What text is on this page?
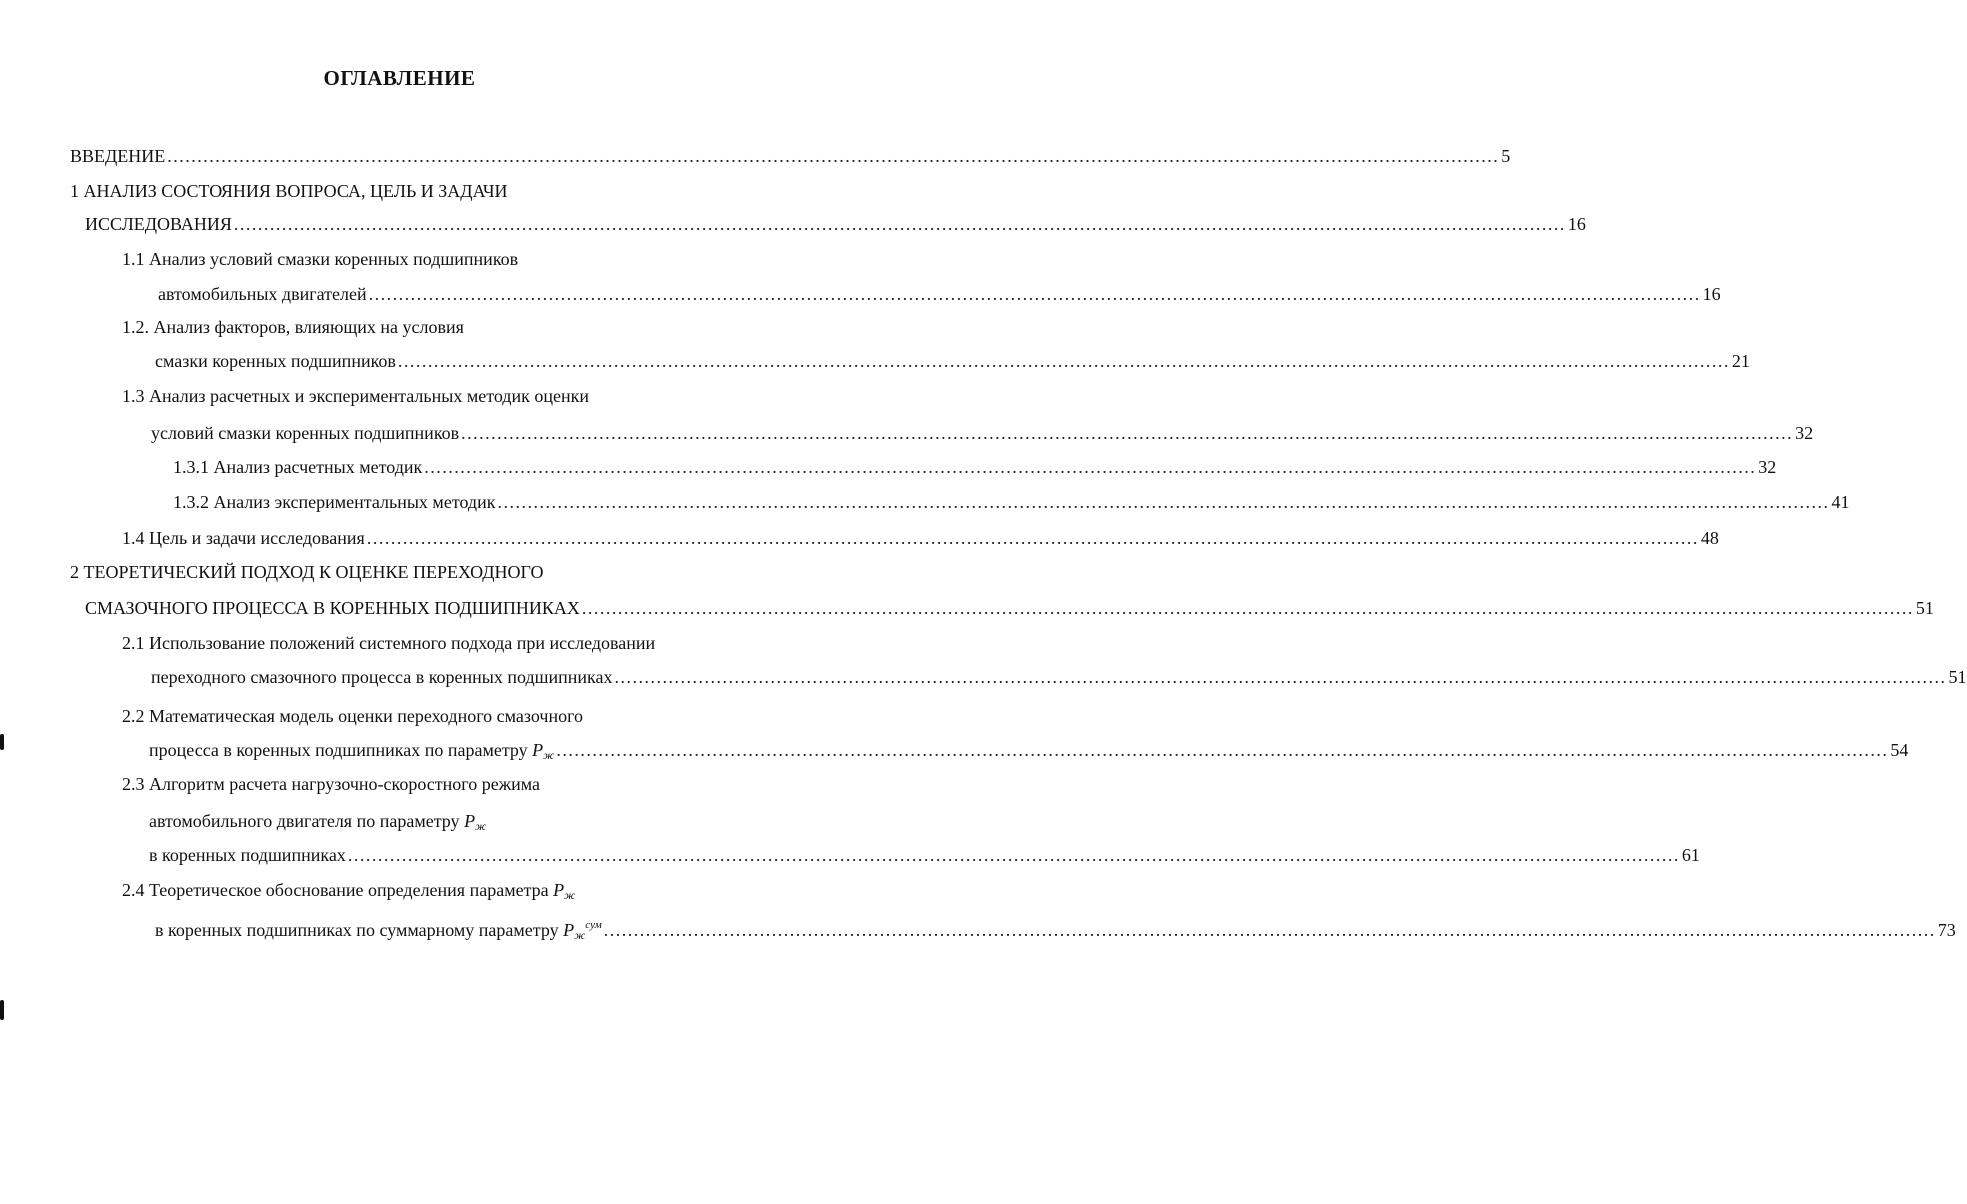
ОГЛАВЛЕНИЕ
ВВЕДЕНИЕ .............................................................................................................................................................................................................................. 5
1 АНАЛИЗ СОСТОЯНИЯ ВОПРОСА, ЦЕЛЬ И ЗАДАЧИ
ИССЛЕДОВАНИЯ .............................................................................................................................................................................................................................. 16
1.1 Анализ условий смазки коренных подшипников
автомобильных двигателей .............................................................................................................................................................................................................................. 16
1.2. Анализ факторов, влияющих на условия
смазки коренных подшипников .............................................................................................................................................................................................................................. 21
1.3 Анализ расчетных и экспериментальных методик оценки
условий смазки коренных подшипников .............................................................................................................................................................................................................................. 32
1.3.1 Анализ расчетных методик .............................................................................................................................................................................................................................. 32
1.3.2 Анализ экспериментальных методик .............................................................................................................................................................................................................................. 41
1.4 Цель и задачи исследования .............................................................................................................................................................................................................................. 48
2 ТЕОРЕТИЧЕСКИЙ ПОДХОД К ОЦЕНКЕ ПЕРЕХОДНОГО
СМАЗОЧНОГО ПРОЦЕССА В КОРЕННЫХ ПОДШИПНИКАХ .............................................................................................................................................................................................................................. 51
2.1 Использование положений системного подхода при исследовании
переходного смазочного процесса в коренных подшипниках .............................................................................................................................................................................................................................. 51
2.2 Математическая модель оценки переходного смазочного
процесса в коренных подшипниках по параметру $P_ж$ .............................................................................................................................................................................................................................. 54
2.3 Алгоритм расчета нагрузочно-скоростного режима
автомобильного двигателя по параметру $P_ж$
в коренных подшипниках .............................................................................................................................................................................................................................. 61
2.4 Теоретическое обоснование определения параметра $P_ж$
в коренных подшипниках по суммарному параметру $P_ж^{сум}$ .............................................................................................................................................................................................................................. 73
